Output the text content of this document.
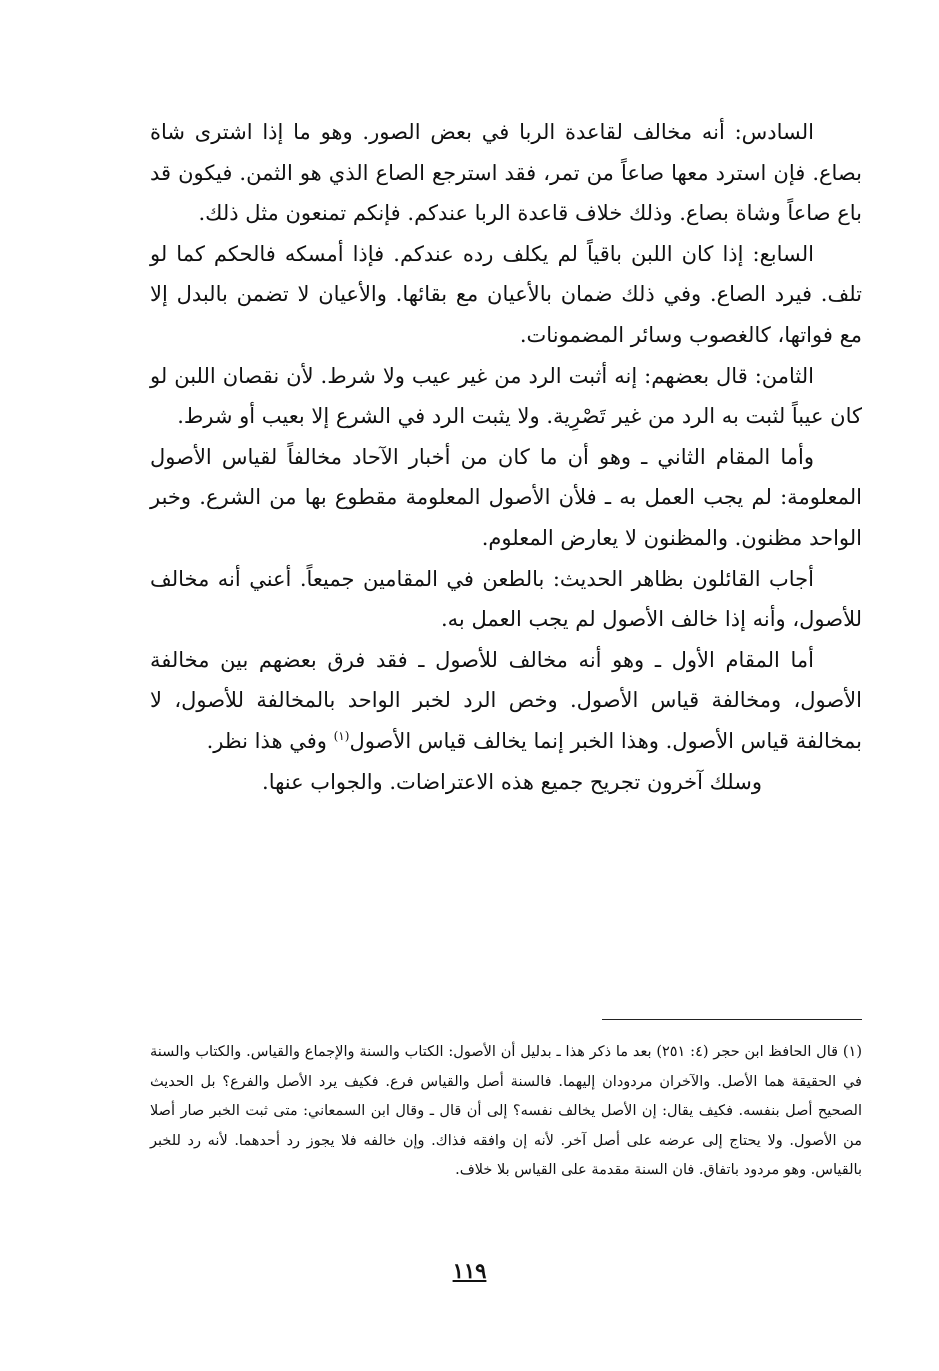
السادس: أنه مخالف لقاعدة الربا في بعض الصور. وهو ما إذا اشترى شاة بصاع. فإن استرد معها صاعاً من تمر، فقد استرجع الصاع الذي هو الثمن. فيكون قد باع صاعاً وشاة بصاع. وذلك خلاف قاعدة الربا عندكم. فإنكم تمنعون مثل ذلك.

السابع: إذا كان اللبن باقياً لم يكلف رده عندكم. فإذا أمسكه فالحكم كما لو تلف. فيرد الصاع. وفي ذلك ضمان بالأعيان مع بقائها. والأعيان لا تضمن بالبدل إلا مع فواتها، كالغصوب وسائر المضمونات.

الثامن: قال بعضهم: إنه أثبت الرد من غير عيب ولا شرط. لأن نقصان اللبن لو كان عيباً لثبت به الرد من غير تَصْرِية. ولا يثبت الرد في الشرع إلا بعيب أو شرط.

وأما المقام الثاني ـ وهو أن ما كان من أخبار الآحاد مخالفاً لقياس الأصول المعلومة: لم يجب العمل به ـ فلأن الأصول المعلومة مقطوع بها من الشرع. وخبر الواحد مظنون. والمظنون لا يعارض المعلوم.

أجاب القائلون بظاهر الحديث: بالطعن في المقامين جميعاً. أعني أنه مخالف للأصول، وأنه إذا خالف الأصول لم يجب العمل به.

أما المقام الأول ـ وهو أنه مخالف للأصول ـ فقد فرق بعضهم بين مخالفة الأصول، ومخالفة قياس الأصول. وخص الرد لخبر الواحد بالمخالفة للأصول، لا بمخالفة قياس الأصول. وهذا الخبر إنما يخالف قياس الأصول$^{(١)}$ وفي هذا نظر.

وسلك آخرون تجريح جميع هذه الاعتراضات. والجواب عنها.

(١) قال الحافظ ابن حجر (٤: ٢٥١) بعد ما ذكر هذا ـ بدليل أن الأصول: الكتاب والسنة والإجماع والقياس. والكتاب والسنة في الحقيقة هما الأصل. والآخران مردودان إليهما. فالسنة أصل والقياس فرع. فكيف يرد الأصل والفرع؟ بل الحديث الصحيح أصل بنفسه. فكيف يقال: إن الأصل يخالف نفسه؟ إلى أن قال ـ وقال ابن السمعاني: متى ثبت الخبر صار أصلا من الأصول. ولا يحتاج إلى عرضه على أصل آخر. لأنه إن وافقه فذاك. وإن خالفه فلا يجوز رد أحدهما. لأنه رد للخبر بالقياس. وهو مردود باتفاق. فان السنة مقدمة على القياس بلا خلاف.

١١٩
